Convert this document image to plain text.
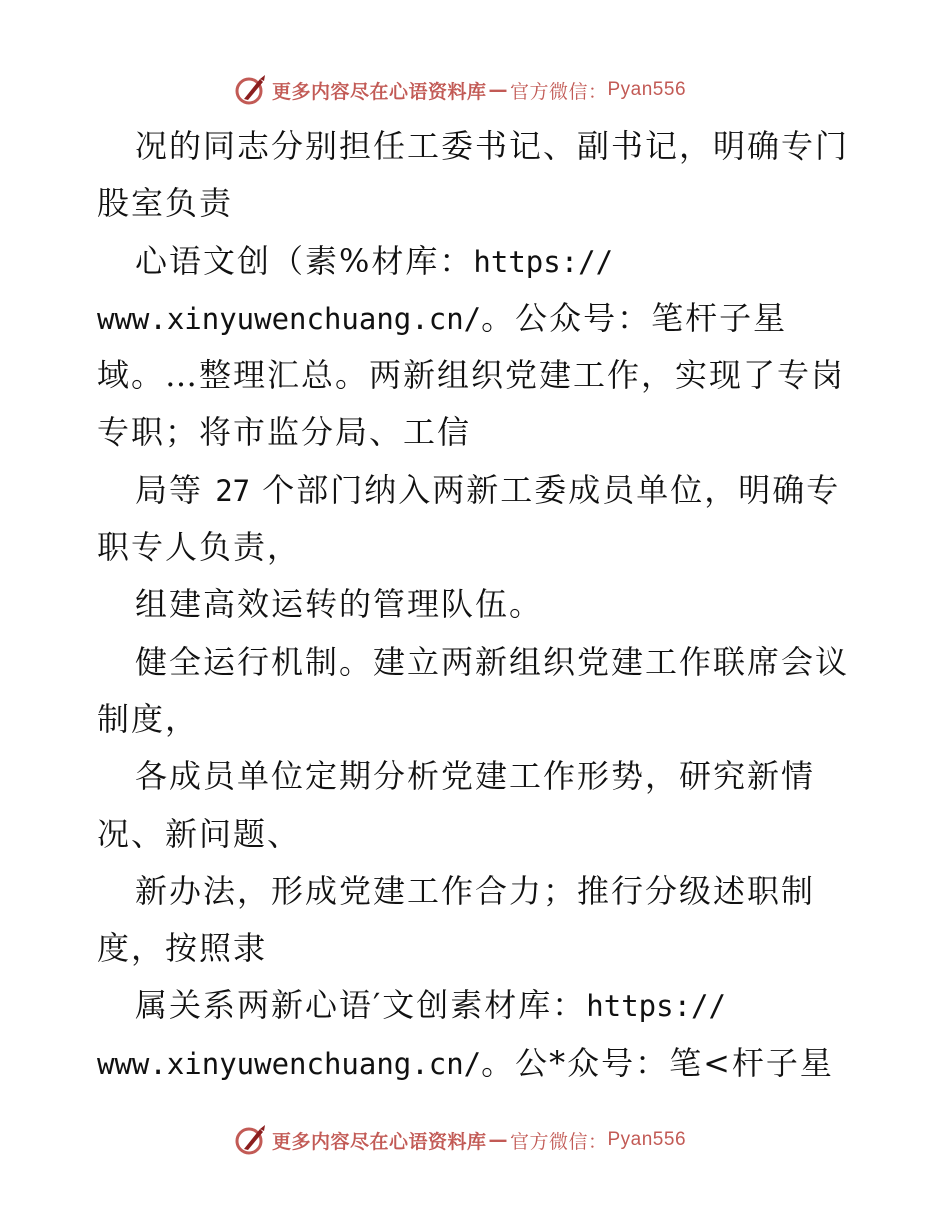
更多内容尽在心语资料库 — 官方微信： Pyan556
况的同志分别担任工委书记、副书记，明确专门
股室负责
心语文创（素%材库：https://
www.xinyuwenchuang.cn/。公众号：笔杆子星
域。…整理汇总。两新组织党建工作，实现了专岗
专职；将市监分局、工信
局等 27 个部门纳入两新工委成员单位，明确专
职专人负责，
组建高效运转的管理队伍。
健全运行机制。建立两新组织党建工作联席会议
制度，
各成员单位定期分析党建工作形势，研究新情
况、新问题、
新办法，形成党建工作合力；推行分级述职制
度，按照隶
属关系两新心语′文创素材库：https://
www.xinyuwenchuang.cn/。公*众号：笔<杆子星
更多内容尽在心语资料库 — 官方微信： Pyan556
